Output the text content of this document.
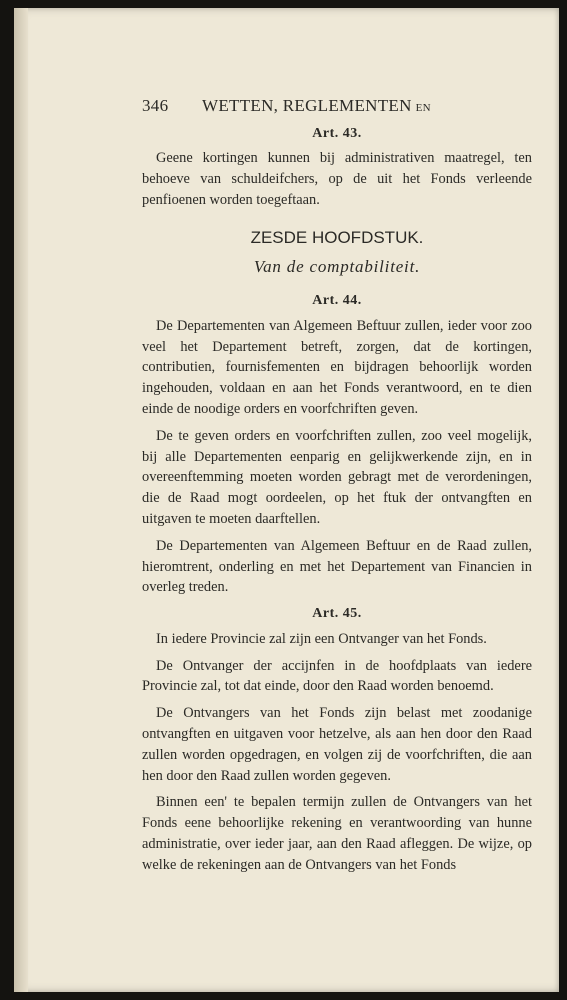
346	WETTEN, REGLEMENTEN EN
Art. 43.

Geene kortingen kunnen bij administrativen maatregel, ten behoeve van schuldeifchers, op de uit het Fonds verleende penfioenen worden toegeftaan.

ZESDE HOOFDSTUK.
Van de comptabiliteit.
Art. 44.

De Departementen van Algemeen Beftuur zullen, ieder voor zoo veel het Departement betreft, zorgen, dat de kortingen, contributien, fournisfementen en bijdragen behoorlijk worden ingehouden, voldaan en aan het Fonds verantwoord, en te dien einde de noodige orders en voorfchriften geven.

De te geven orders en voorfchriften zullen, zoo veel mogelijk, bij alle Departementen eenparig en gelijkwerkende zijn, en in overeenftemming moeten worden gebragt met de verordeningen, die de Raad mogt oordeelen, op het ftuk der ontvangften en uitgaven te moeten daarftellen.

De Departementen van Algemeen Beftuur en de Raad zullen, hieromtrent, onderling en met het Departement van Financien in overleg treden.

Art. 45.

In iedere Provincie zal zijn een Ontvanger van het Fonds.

De Ontvanger der accijnfen in de hoofdplaats van iedere Provincie zal, tot dat einde, door den Raad worden benoemd.

De Ontvangers van het Fonds zijn belast met zoodanige ontvangften en uitgaven voor hetzelve, als aan hen door den Raad zullen worden opgedragen, en volgen zij de voorfchriften, die aan hen door den Raad zullen worden gegeven.

Binnen een' te bepalen termijn zullen de Ontvangers van het Fonds eene behoorlijke rekening en verantwoording van hunne administratie, over ieder jaar, aan den Raad afleggen. De wijze, op welke de rekeningen aan de Ontvangers van het Fonds
